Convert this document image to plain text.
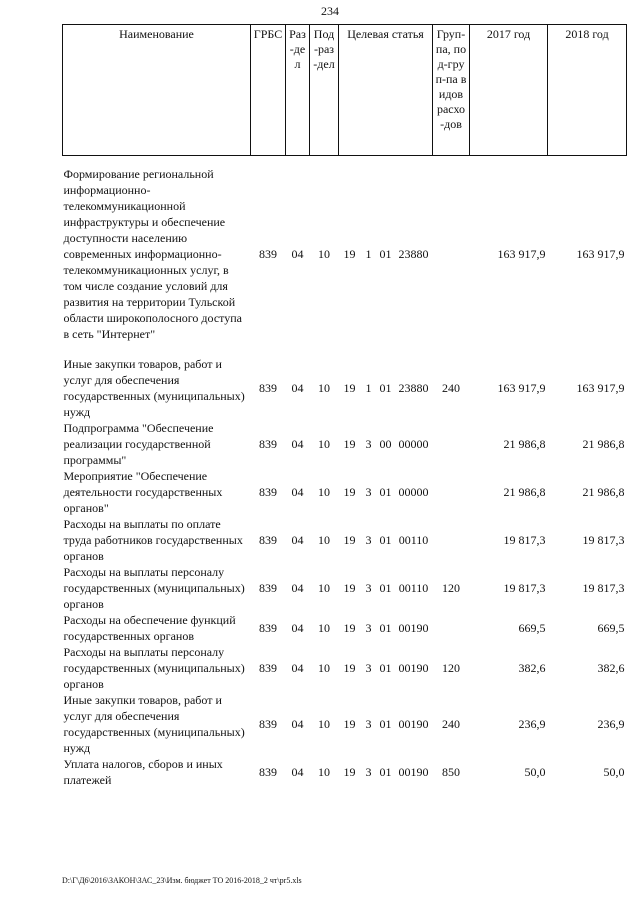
234
Наименование	ГРБС	Раз-дел	Под-раз-дел	Целевая статья				Груп-па, под-груп-па видов расхо-дов	2017 год	2018 год

Формирование региональной информационно-телекоммуникационной инфраструктуры и обеспечение доступности населению современных информационно-телекоммуникационных услуг, в том числе создание условий для развития на территории Тульской области широкополосного доступа в сеть "Интернет"	839	04	10	19	1	01	23880		163 917,9	163 917,9

Иные закупки товаров, работ и услуг для обеспечения государственных (муниципальных) нужд	839	04	10	19	1	01	23880	240	163 917,9	163 917,9
Подпрограмма "Обеспечение реализации государственной программы"	839	04	10	19	3	00	00000		21 986,8	21 986,8
Мероприятие "Обеспечение деятельности государственных органов"	839	04	10	19	3	01	00000		21 986,8	21 986,8
Расходы на выплаты по оплате труда работников государственных органов	839	04	10	19	3	01	00110		19 817,3	19 817,3
Расходы на выплаты персоналу государственных (муниципальных) органов	839	04	10	19	3	01	00110	120	19 817,3	19 817,3
Расходы на обеспечение функций государственных органов	839	04	10	19	3	01	00190		669,5	669,5
Расходы на выплаты персоналу государственных (муниципальных) органов	839	04	10	19	3	01	00190	120	382,6	382,6
Иные закупки товаров, работ и услуг для обеспечения государственных (муниципальных) нужд	839	04	10	19	3	01	00190	240	236,9	236,9
Уплата налогов, сборов и иных платежей	839	04	10	19	3	01	00190	850	50,0	50,0
D:\Г\Д6\2016\ЗАКОН\ЗАС_23\Изм. бюджет ТО 2016-2018_2 чт\pr5.xls
